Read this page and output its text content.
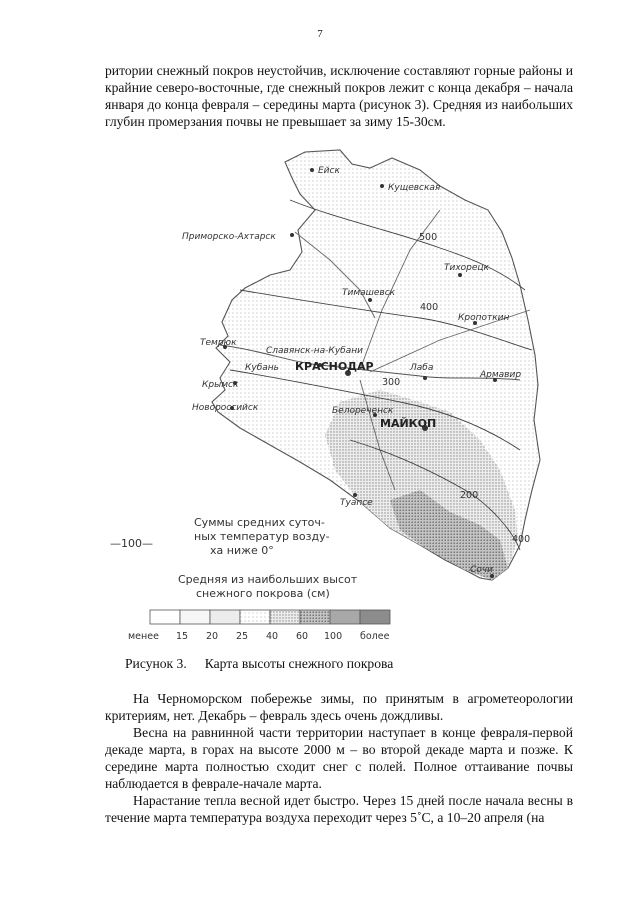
7

ритории снежный покров неустойчив, исключение составляют горные районы и крайние северо-восточные, где снежный покров лежит с конца декабря – начала января до конца февраля – середины марта (рисунок 3). Средняя из наибольших глубин промерзания почвы не превышает за зиму 15-30см.

500
400
300
200
400
Ейск
Кущевская
Приморско-Ахтарск
Тихорецк
Тимашевск
Кропоткин
Темрюк
Славянск-на-Кубани
Кубань КРАСНОДАР
Крымск
Лаба
Армавир
Новороссийск
МАЙКОП
Белореченск
Туапсе
Сочи
—100—
Суммы средних суточ-
ных температур возду-
ха ниже 0°
Средняя из наибольших высот
снежного покрова (см)
менее 15 20 25 40 60 100 более
Рисунок 3. Карта высоты снежного покрова

На Черноморском побережье зимы, по принятым в агрометеорологии критериям, нет. Декабрь – февраль здесь очень дождливы.

Весна на равнинной части территории наступает в конце февраля-первой декаде марта, в горах на высоте 2000 м – во второй декаде марта и позже. К середине марта полностью сходит снег с полей. Полное оттаивание почвы наблюдается в феврале-начале марта.

Нарастание тепла весной идет быстро. Через 15 дней после начала весны в течение марта температура воздуха переходит через 5˚С, а 10–20 апреля (на
